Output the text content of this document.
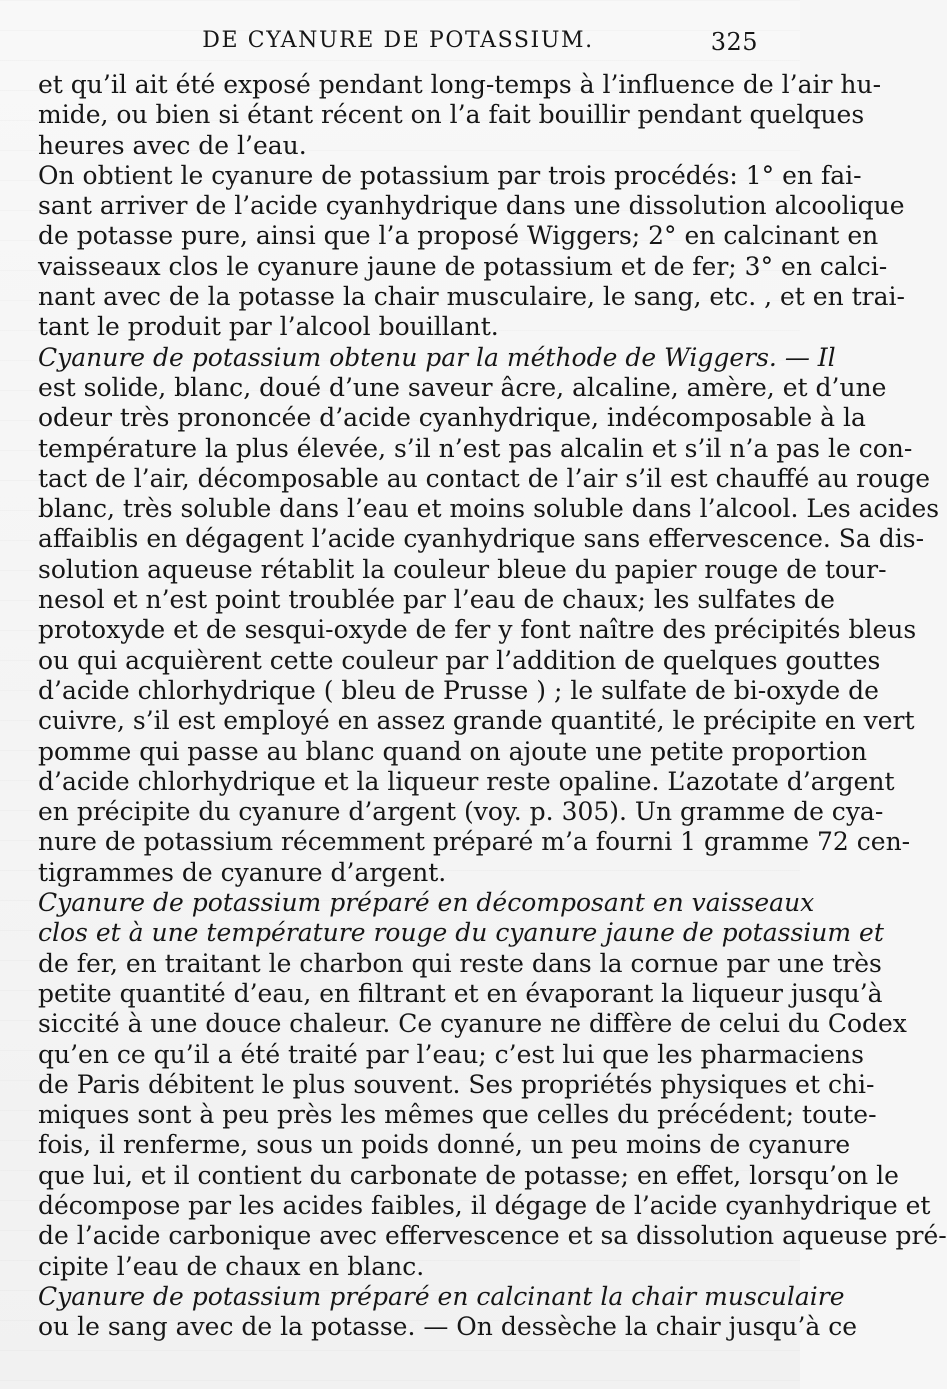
DE CYANURE DE POTASSIUM.	325
et qu’il ait été exposé pendant long-temps à l’influence de l’air hu-
mide, ou bien si étant récent on l’a fait bouillir pendant quelques
heures avec de l’eau.
On obtient le cyanure de potassium par trois procédés: 1° en fai-
sant arriver de l’acide cyanhydrique dans une dissolution alcoolique
de potasse pure, ainsi que l’a proposé Wiggers; 2° en calcinant en
vaisseaux clos le cyanure jaune de potassium et de fer; 3° en calci-
nant avec de la potasse la chair musculaire, le sang, etc. , et en trai-
tant le produit par l’alcool bouillant.
Cyanure de potassium obtenu par la méthode de Wiggers. — Il
est solide, blanc, doué d’une saveur âcre, alcaline, amère, et d’une
odeur très prononcée d’acide cyanhydrique, indécomposable à la
température la plus élevée, s’il n’est pas alcalin et s’il n’a pas le con-
tact de l’air, décomposable au contact de l’air s’il est chauffé au rouge
blanc, très soluble dans l’eau et moins soluble dans l’alcool. Les acides
affaiblis en dégagent l’acide cyanhydrique sans effervescence. Sa dis-
solution aqueuse rétablit la couleur bleue du papier rouge de tour-
nesol et n’est point troublée par l’eau de chaux; les sulfates de
protoxyde et de sesqui-oxyde de fer y font naître des précipités bleus
ou qui acquièrent cette couleur par l’addition de quelques gouttes
d’acide chlorhydrique ( bleu de Prusse ) ; le sulfate de bi-oxyde de
cuivre, s’il est employé en assez grande quantité, le précipite en vert
pomme qui passe au blanc quand on ajoute une petite proportion
d’acide chlorhydrique et la liqueur reste opaline. L’azotate d’argent
en précipite du cyanure d’argent (voy. p. 305). Un gramme de cya-
nure de potassium récemment préparé m’a fourni 1 gramme 72 cen-
tigrammes de cyanure d’argent.
Cyanure de potassium préparé en décomposant en vaisseaux
clos et à une température rouge du cyanure jaune de potassium et
de fer, en traitant le charbon qui reste dans la cornue par une très
petite quantité d’eau, en filtrant et en évaporant la liqueur jusqu’à
siccité à une douce chaleur. Ce cyanure ne diffère de celui du Codex
qu’en ce qu’il a été traité par l’eau; c’est lui que les pharmaciens
de Paris débitent le plus souvent. Ses propriétés physiques et chi-
miques sont à peu près les mêmes que celles du précédent; toute-
fois, il renferme, sous un poids donné, un peu moins de cyanure
que lui, et il contient du carbonate de potasse; en effet, lorsqu’on le
décompose par les acides faibles, il dégage de l’acide cyanhydrique et
de l’acide carbonique avec effervescence et sa dissolution aqueuse pré-
cipite l’eau de chaux en blanc.
Cyanure de potassium préparé en calcinant la chair musculaire
ou le sang avec de la potasse. — On dessèche la chair jusqu’à ce
